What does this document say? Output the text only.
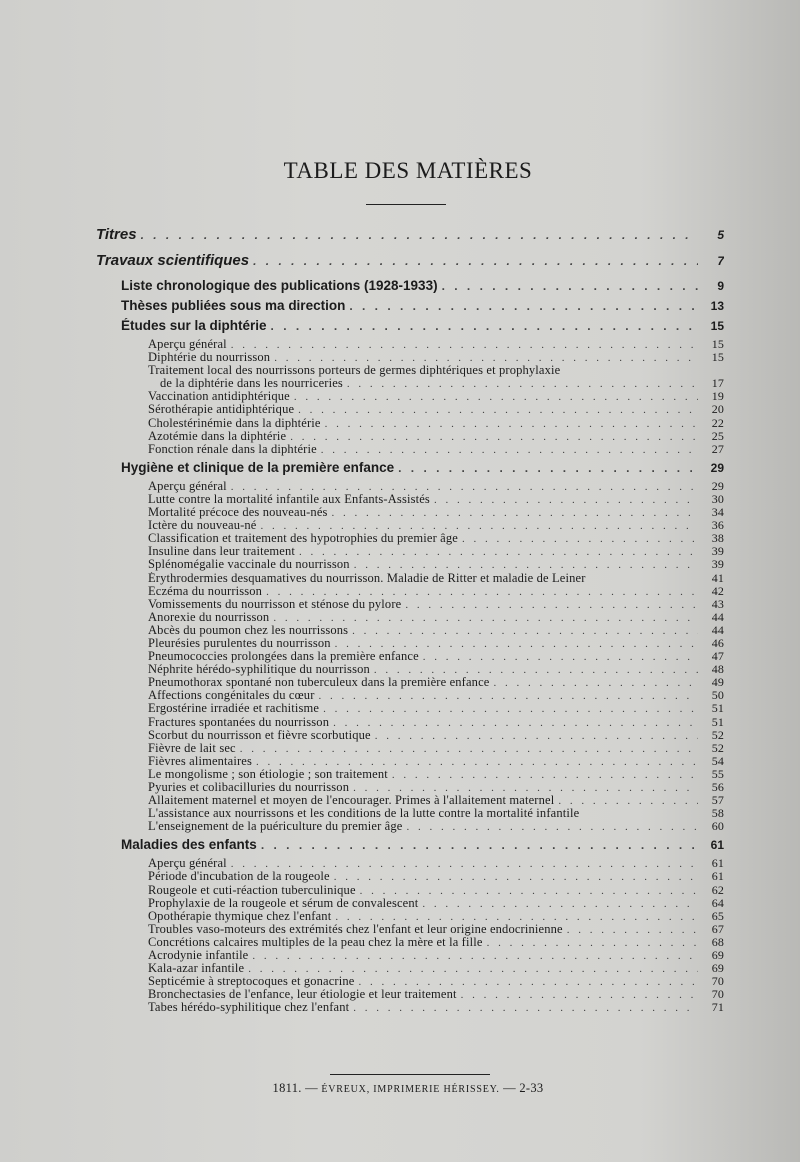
TABLE DES MATIÈRES
Titres . . .	5
Travaux scientifiques . . .	7
Liste chronologique des publications (1928-1933) . . .	9
Thèses publiées sous ma direction . . .	13
Études sur la diphtérie . . .	15
Aperçu général . . .	15
Diphtérie du nourrisson . . .	15
Traitement local des nourrissons porteurs de germes diphtériques et prophylaxie
de la diphtérie dans les nourriceries . . .	17
Vaccination antidiphtérique . . .	19
Sérothérapie antidiphtérique . . .	20
Cholestérinémie dans la diphtérie . . .	22
Azotémie dans la diphtérie . . .	25
Fonction rénale dans la diphtérie . . .	27
Hygiène et clinique de la première enfance . . .	29
Aperçu général . . .	29
Lutte contre la mortalité infantile aux Enfants-Assistés . . .	30
Mortalité précoce des nouveau-nés . . .	34
Ictère du nouveau-né . . .	36
Classification et traitement des hypotrophies du premier âge . . .	38
Insuline dans leur traitement . . .	39
Splénomégalie vaccinale du nourrisson . . .	39
Érythrodermies desquamatives du nourrisson. Maladie de Ritter et maladie de Leiner	41
Eczéma du nourrisson . . .	42
Vomissements du nourrisson et sténose du pylore . . .	43
Anorexie du nourrisson . . .	44
Abcès du poumon chez les nourrissons . . .	44
Pleurésies purulentes du nourrisson . . .	46
Pneumococcies prolongées dans la première enfance . . .	47
Néphrite hérédo-syphilitique du nourrisson . . .	48
Pneumothorax spontané non tuberculeux dans la première enfance . . .	49
Affections congénitales du cœur . . .	50
Ergostérine irradiée et rachitisme . . .	51
Fractures spontanées du nourrisson . . .	51
Scorbut du nourrisson et fièvre scorbutique . . .	52
Fièvre de lait sec . . .	52
Fièvres alimentaires . . .	54
Le mongolisme ; son étiologie ; son traitement . . .	55
Pyuries et colibacilluries du nourrisson . . .	56
Allaitement maternel et moyen de l'encourager. Primes à l'allaitement maternel . . .	57
L'assistance aux nourrissons et les conditions de la lutte contre la mortalité infantile	58
L'enseignement de la puériculture du premier âge . . .	60
Maladies des enfants . . .	61
Aperçu général . . .	61
Période d'incubation de la rougeole . . .	61
Rougeole et cuti-réaction tuberculinique . . .	62
Prophylaxie de la rougeole et sérum de convalescent . . .	64
Opothérapie thymique chez l'enfant . . .	65
Troubles vaso-moteurs des extrémités chez l'enfant et leur origine endocrinienne . . .	67
Concrétions calcaires multiples de la peau chez la mère et la fille . . .	68
Acrodynie infantile . . .	69
Kala-azar infantile . . .	69
Septicémie à streptocoques et gonacrine . . .	70
Bronchectasies de l'enfance, leur étiologie et leur traitement . . .	70
Tabes hérédo-syphilitique chez l'enfant . . .	71
1811. — ÉVREUX, IMPRIMERIE HÉRISSEY. — 2-33
